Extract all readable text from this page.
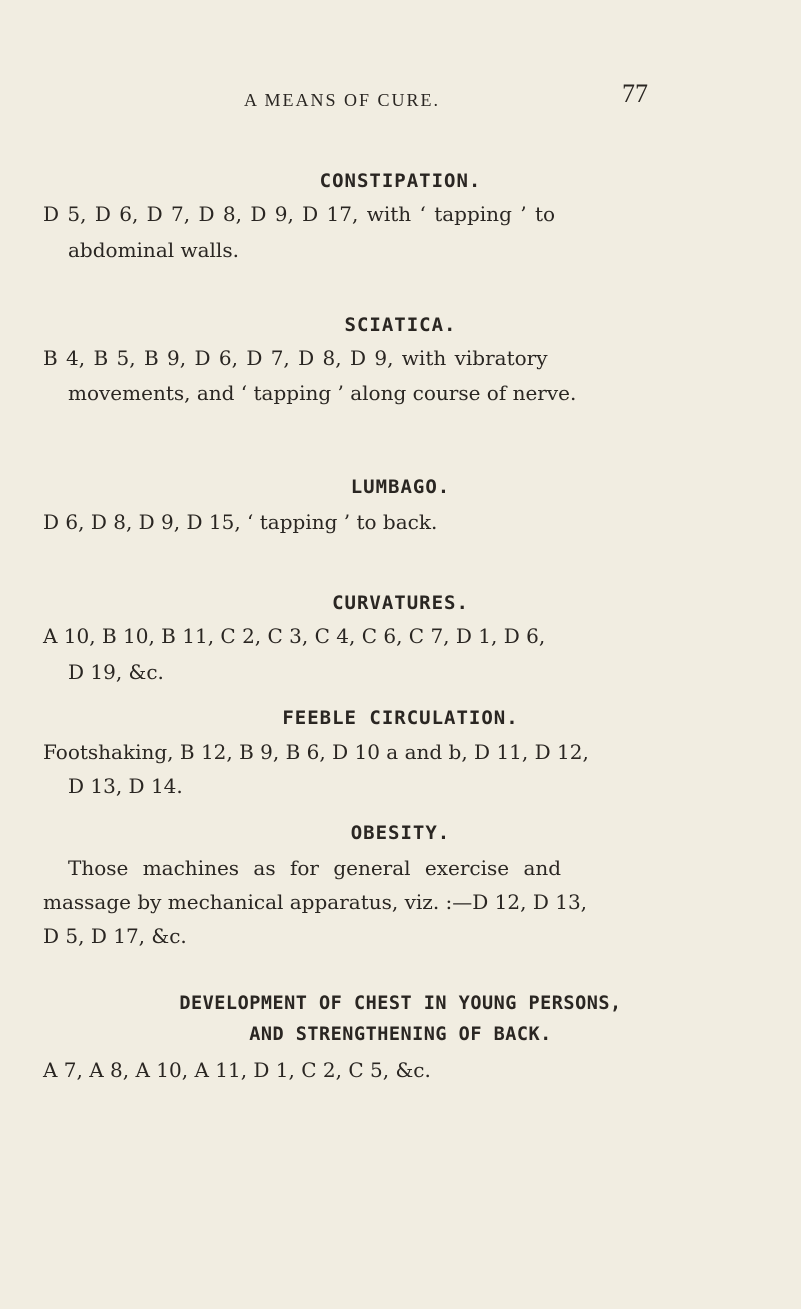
A MEANS OF CURE.	77
CONSTIPATION.
D 5, D 6, D 7, D 8, D 9, D 17, with ‘ tapping ’ to
abdominal walls.
SCIATICA.
B 4, B 5, B 9, D 6, D 7, D 8, D 9, with vibratory
movements, and ‘ tapping ’ along course of nerve.
LUMBAGO.
D 6, D 8, D 9, D 15, ‘ tapping ’ to back.
CURVATURES.
A 10, B 10, B 11, C 2, C 3, C 4, C 6, C 7, D 1, D 6,
D 19, &c.
FEEBLE CIRCULATION.
Footshaking, B 12, B 9, B 6, D 10 a and b, D 11, D 12,
D 13, D 14.
OBESITY.
Those machines as for general exercise and
massage by mechanical apparatus, viz. :—D 12, D 13,
D 5, D 17, &c.
DEVELOPMENT OF CHEST IN YOUNG PERSONS,
AND STRENGTHENING OF BACK.
A 7, A 8, A 10, A 11, D 1, C 2, C 5, &c.
